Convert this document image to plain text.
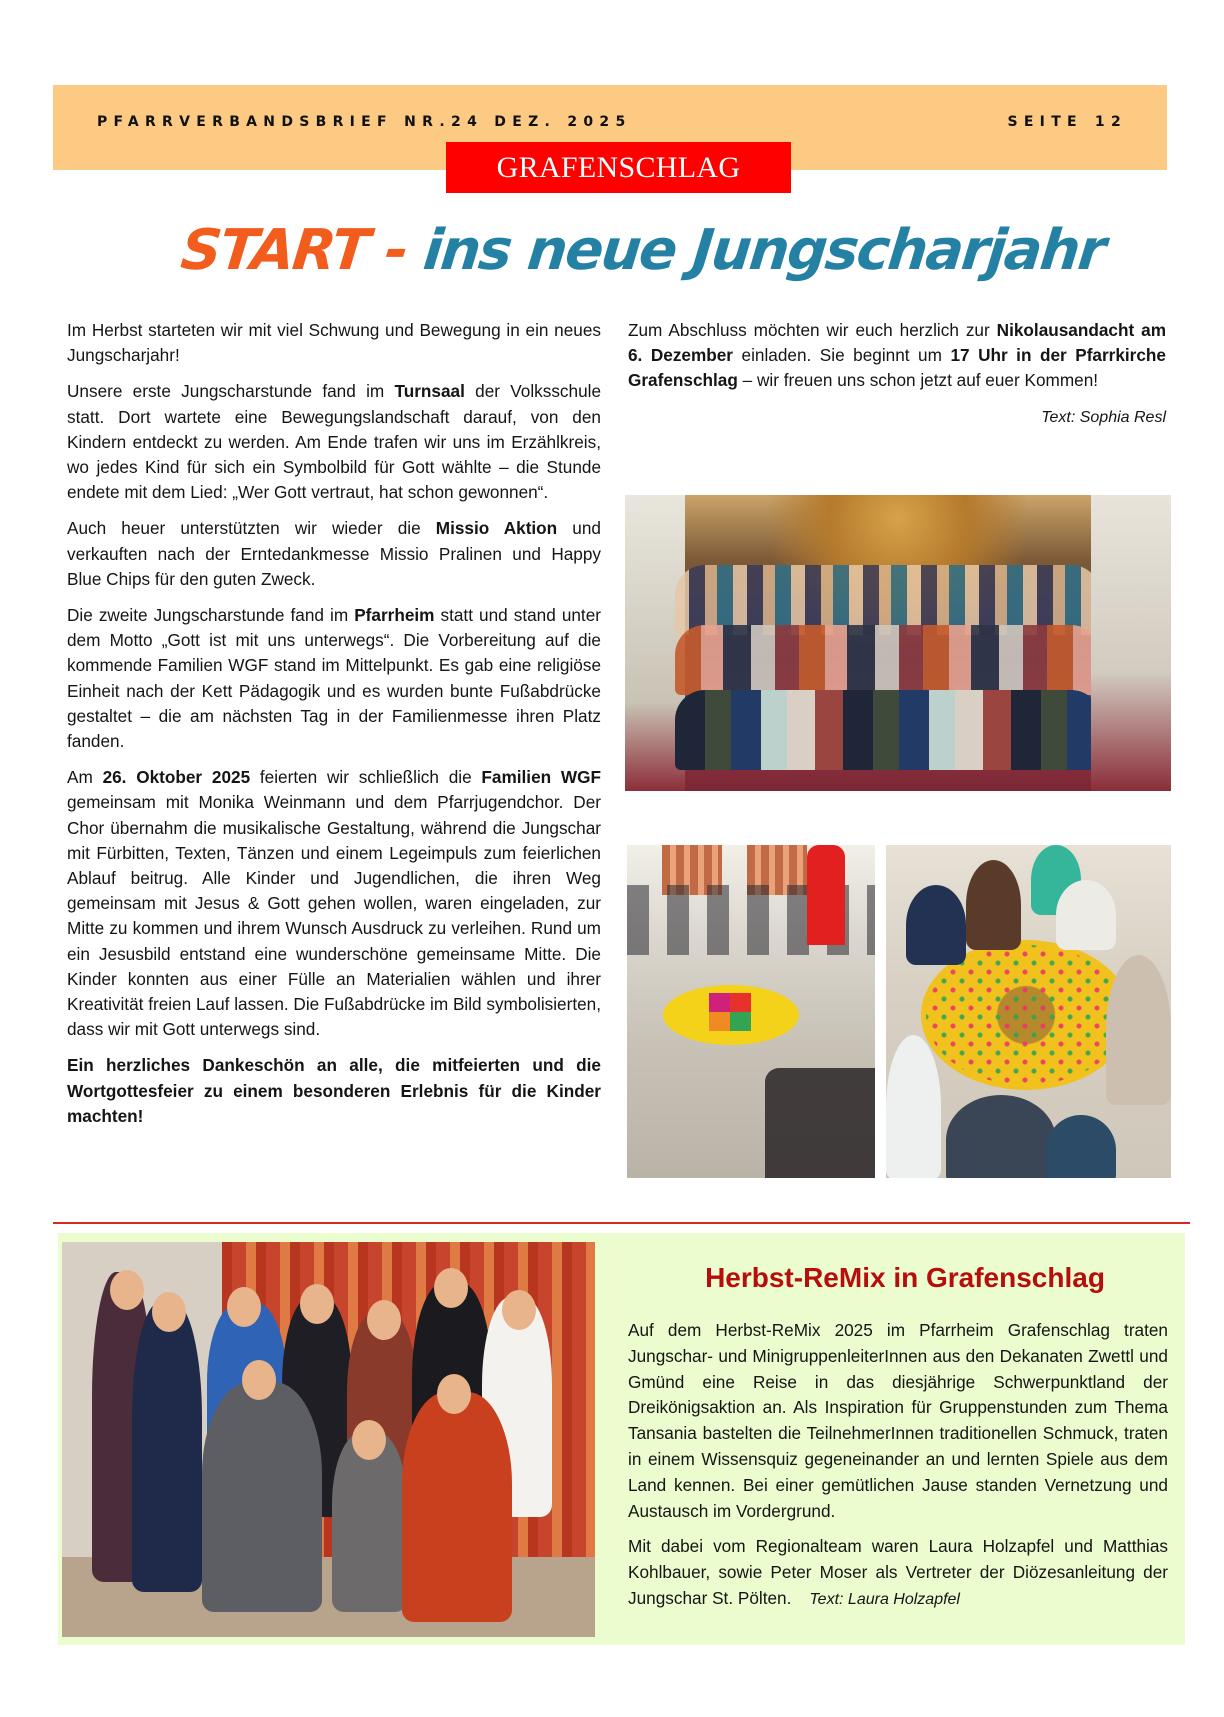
PFARRVERBANDSBRIEF NR.24 DEZ. 2025	SEITE 12
GRAFENSCHLAG
START - ins neue Jungscharjahr

Im Herbst starteten wir mit viel Schwung und Bewegung in ein neues Jungscharjahr!

Unsere erste Jungscharstunde fand im Turnsaal der Volksschule statt. Dort wartete eine Bewegungslandschaft darauf, von den Kindern entdeckt zu werden. Am Ende trafen wir uns im Erzählkreis, wo jedes Kind für sich ein Symbolbild für Gott wählte – die Stunde endete mit dem Lied: „Wer Gott vertraut, hat schon gewonnen“.

Auch heuer unterstützten wir wieder die Missio Aktion und verkauften nach der Erntedankmesse Missio Pralinen und Happy Blue Chips für den guten Zweck.

Die zweite Jungscharstunde fand im Pfarrheim statt und stand unter dem Motto „Gott ist mit uns unterwegs“. Die Vorbereitung auf die kommende Familien WGF stand im Mittelpunkt. Es gab eine religiöse Einheit nach der Kett Pädagogik und es wurden bunte Fußabdrücke gestaltet – die am nächsten Tag in der Familienmesse ihren Platz fanden.

Am 26. Oktober 2025 feierten wir schließlich die Familien WGF gemeinsam mit Monika Weinmann und dem Pfarrjugendchor. Der Chor übernahm die musikalische Gestaltung, während die Jungschar mit Fürbitten, Texten, Tänzen und einem Legeimpuls zum feierlichen Ablauf beitrug. Alle Kinder und Jugendlichen, die ihren Weg gemeinsam mit Jesus & Gott gehen wollen, waren eingeladen, zur Mitte zu kommen und ihrem Wunsch Ausdruck zu verleihen. Rund um ein Jesusbild entstand eine wunderschöne gemeinsame Mitte. Die Kinder konnten aus einer Fülle an Materialien wählen und ihrer Kreativität freien Lauf lassen. Die Fußabdrücke im Bild symbolisierten, dass wir mit Gott unterwegs sind.

Ein herzliches Dankeschön an alle, die mitfeierten und die Wortgottesfeier zu einem besonderen Erlebnis für die Kinder machten!

Zum Abschluss möchten wir euch herzlich zur Nikolausandacht am 6. Dezember einladen. Sie beginnt um 17 Uhr in der Pfarrkirche Grafenschlag – wir freuen uns schon jetzt auf euer Kommen!

Text: Sophia Resl
Herbst-ReMix in Grafenschlag

Auf dem Herbst-ReMix 2025 im Pfarrheim Grafenschlag traten Jungschar- und MinigruppenleiterInnen aus den Dekanaten Zwettl und Gmünd eine Reise in das diesjährige Schwerpunktland der Dreikönigsaktion an. Als Inspiration für Gruppenstunden zum Thema Tansania bastelten die TeilnehmerInnen traditionellen Schmuck, traten in einem Wissensquiz gegeneinander an und lernten Spiele aus dem Land kennen. Bei einer gemütlichen Jause standen Vernetzung und Austausch im Vordergrund.

Mit dabei vom Regionalteam waren Laura Holzapfel und Matthias Kohlbauer, sowie Peter Moser als Vertreter der Diözesanleitung der Jungschar St. Pölten. Text: Laura Holzapfel
